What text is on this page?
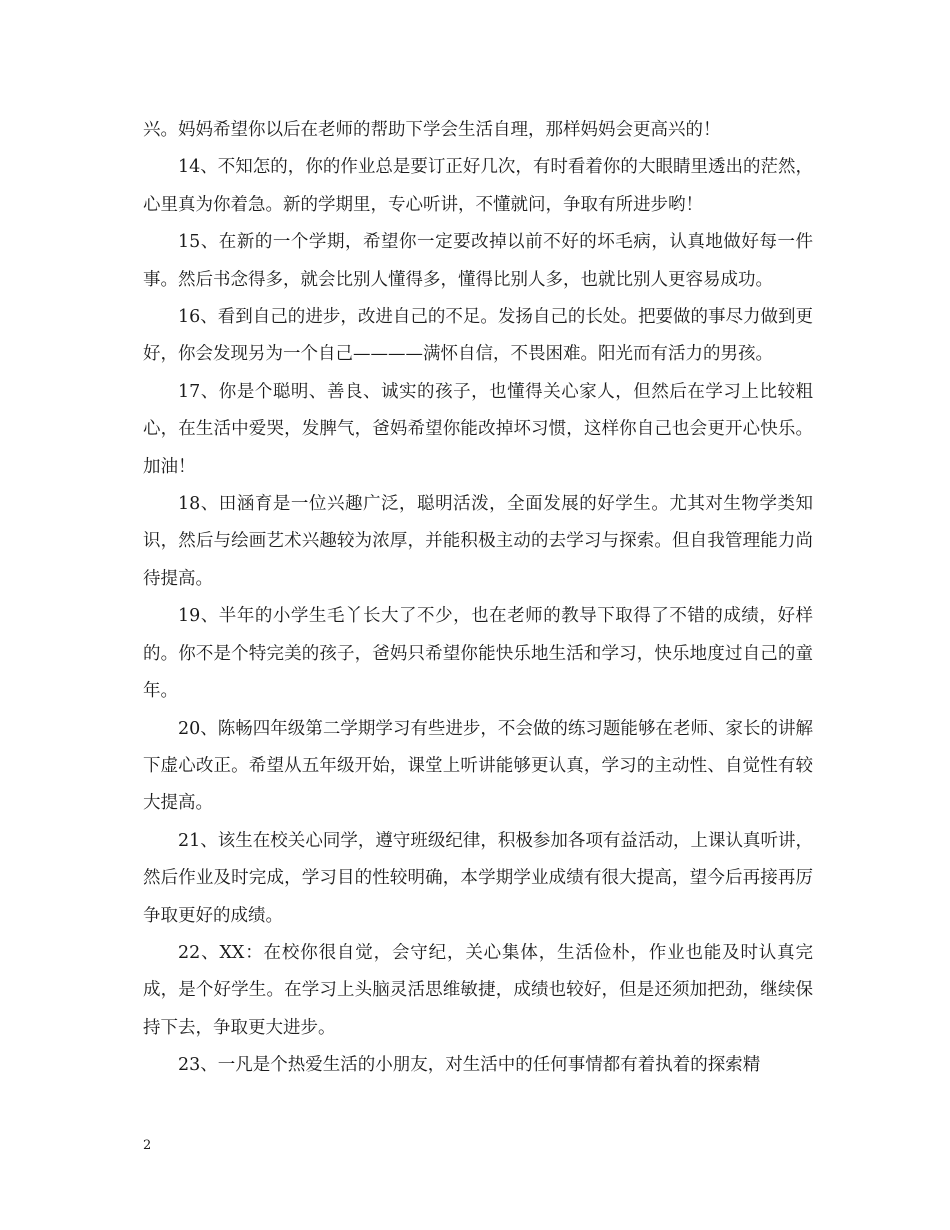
兴。妈妈希望你以后在老师的帮助下学会生活自理，那样妈妈会更高兴的！

14、不知怎的，你的作业总是要订正好几次，有时看着你的大眼睛里透出的茫然，心里真为你着急。新的学期里，专心听讲，不懂就问，争取有所进步哟！

15、在新的一个学期，希望你一定要改掉以前不好的坏毛病，认真地做好每一件事。然后书念得多，就会比别人懂得多，懂得比别人多，也就比别人更容易成功。

16、看到自己的进步，改进自己的不足。发扬自己的长处。把要做的事尽力做到更好，你会发现另为一个自己————满怀自信，不畏困难。阳光而有活力的男孩。

17、你是个聪明、善良、诚实的孩子，也懂得关心家人，但然后在学习上比较粗心，在生活中爱哭，发脾气，爸妈希望你能改掉坏习惯，这样你自己也会更开心快乐。加油！

18、田涵育是一位兴趣广泛，聪明活泼，全面发展的好学生。尤其对生物学类知识，然后与绘画艺术兴趣较为浓厚，并能积极主动的去学习与探索。但自我管理能力尚待提高。

19、半年的小学生毛丫长大了不少，也在老师的教导下取得了不错的成绩，好样的。你不是个特完美的孩子，爸妈只希望你能快乐地生活和学习，快乐地度过自己的童年。

20、陈畅四年级第二学期学习有些进步，不会做的练习题能够在老师、家长的讲解下虚心改正。希望从五年级开始，课堂上听讲能够更认真，学习的主动性、自觉性有较大提高。

21、该生在校关心同学，遵守班级纪律，积极参加各项有益活动，上课认真听讲，然后作业及时完成，学习目的性较明确，本学期学业成绩有很大提高，望今后再接再厉争取更好的成绩。

22、XX：在校你很自觉，会守纪，关心集体，生活俭朴，作业也能及时认真完成，是个好学生。在学习上头脑灵活思维敏捷，成绩也较好，但是还须加把劲，继续保持下去，争取更大进步。

23、一凡是个热爱生活的小朋友，对生活中的任何事情都有着执着的探索精

2
